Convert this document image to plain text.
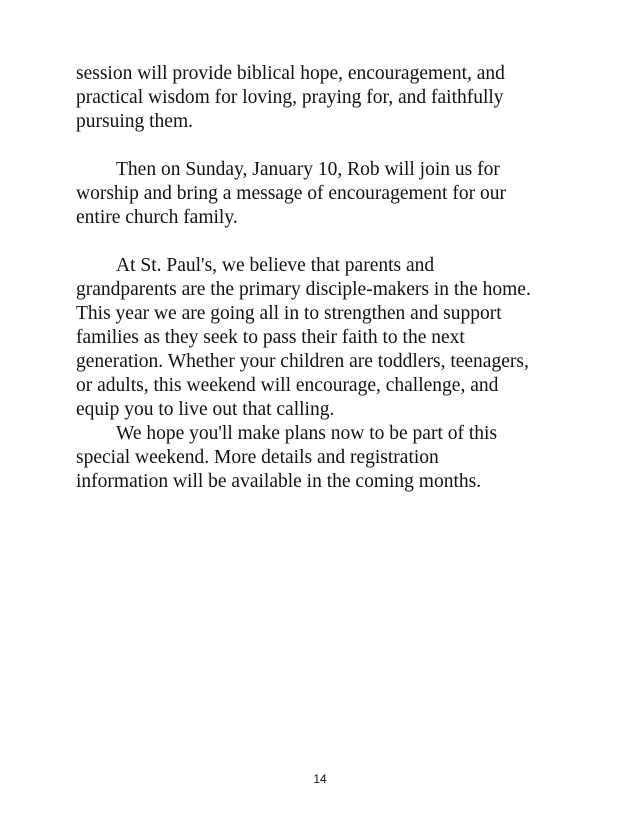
session will provide biblical hope, encouragement, and
practical wisdom for loving, praying for, and faithfully
pursuing them.
Then on Sunday, January 10, Rob will join us for
worship and bring a message of encouragement for our
entire church family.
At St. Paul's, we believe that parents and
grandparents are the primary disciple-makers in the home.
This year we are going all in to strengthen and support
families as they seek to pass their faith to the next
generation. Whether your children are toddlers, teenagers,
or adults, this weekend will encourage, challenge, and
equip you to live out that calling.
We hope you'll make plans now to be part of this
special weekend. More details and registration
information will be available in the coming months.
14
